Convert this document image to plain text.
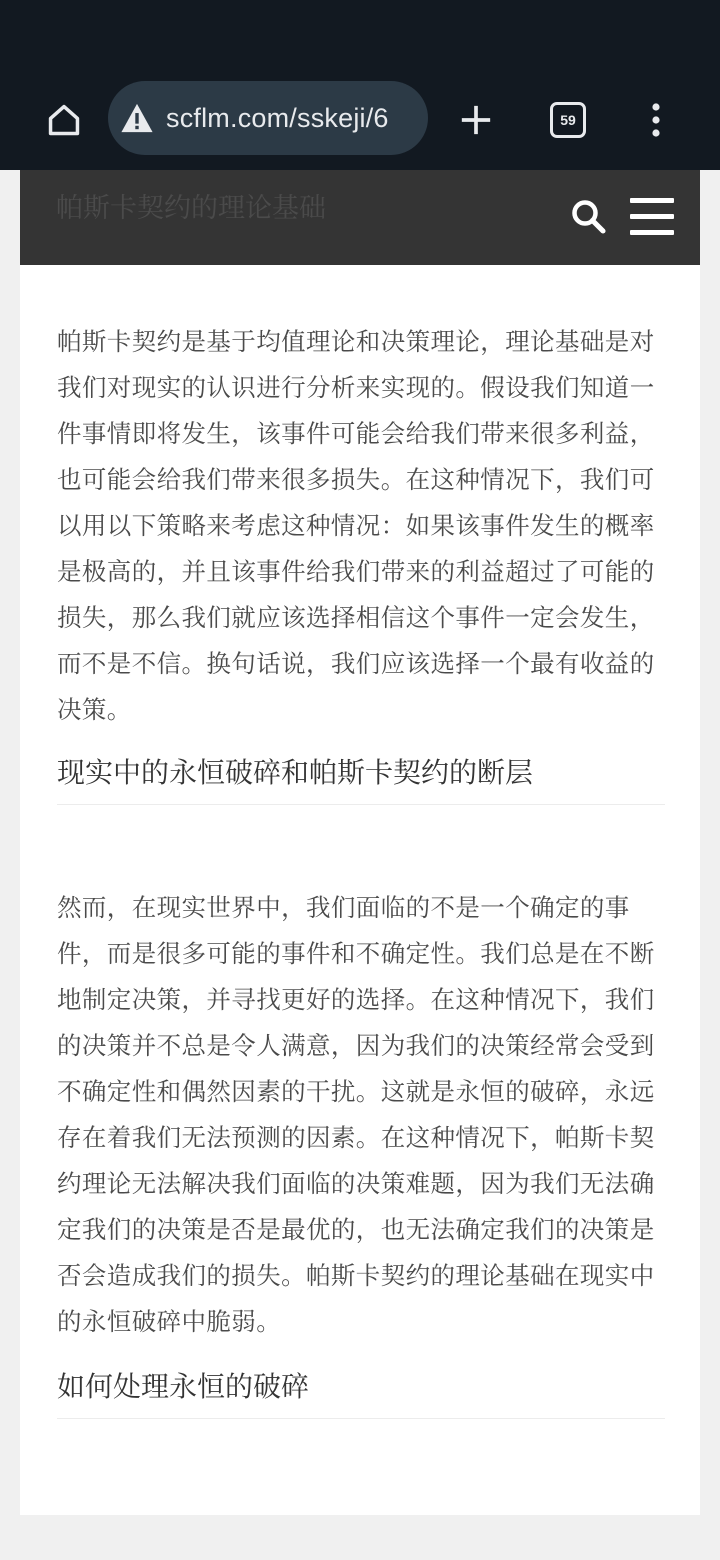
scflm.com/sskeji/6	59
帕斯卡契约的理论基础

帕斯卡契约是基于均值理论和决策理论，理论基础是对我们对现实的认识进行分析来实现的。假设我们知道一件事情即将发生，该事件可能会给我们带来很多利益，也可能会给我们带来很多损失。在这种情况下，我们可以用以下策略来考虑这种情况：如果该事件发生的概率是极高的，并且该事件给我们带来的利益超过了可能的损失，那么我们就应该选择相信这个事件一定会发生，而不是不信。换句话说，我们应该选择一个最有收益的决策。

现实中的永恒破碎和帕斯卡契约的断层

然而，在现实世界中，我们面临的不是一个确定的事件，而是很多可能的事件和不确定性。我们总是在不断地制定决策，并寻找更好的选择。在这种情况下，我们的决策并不总是令人满意，因为我们的决策经常会受到不确定性和偶然因素的干扰。这就是永恒的破碎，永远存在着我们无法预测的因素。在这种情况下，帕斯卡契约理论无法解决我们面临的决策难题，因为我们无法确定我们的决策是否是最优的，也无法确定我们的决策是否会造成我们的损失。帕斯卡契约的理论基础在现实中的永恒破碎中脆弱。

如何处理永恒的破碎
